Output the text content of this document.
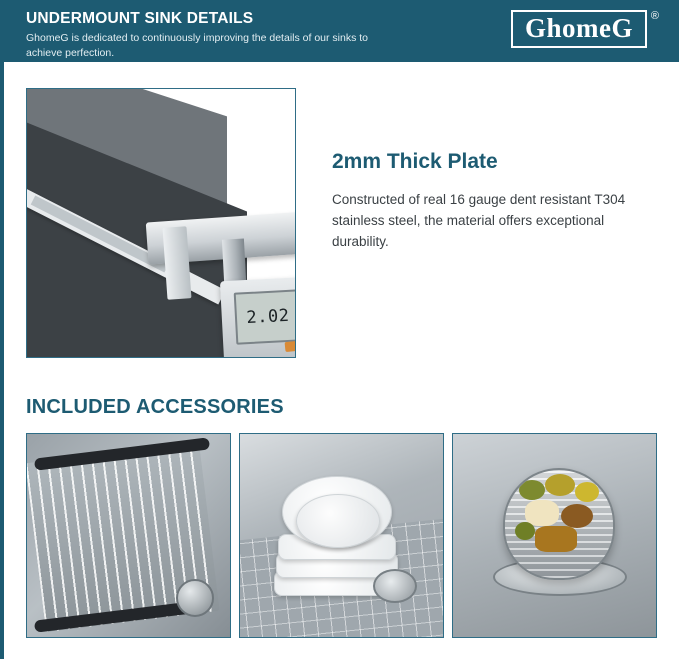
UNDERMOUNT SINK DETAILS
GhomeG is dedicated to continuously improving the details of our sinks to achieve perfection.
GhomeG ®
2.02
2mm Thick Plate

Constructed of real 16 gauge dent resistant T304 stainless steel, the material offers exceptional durability.

INCLUDED ACCESSORIES
